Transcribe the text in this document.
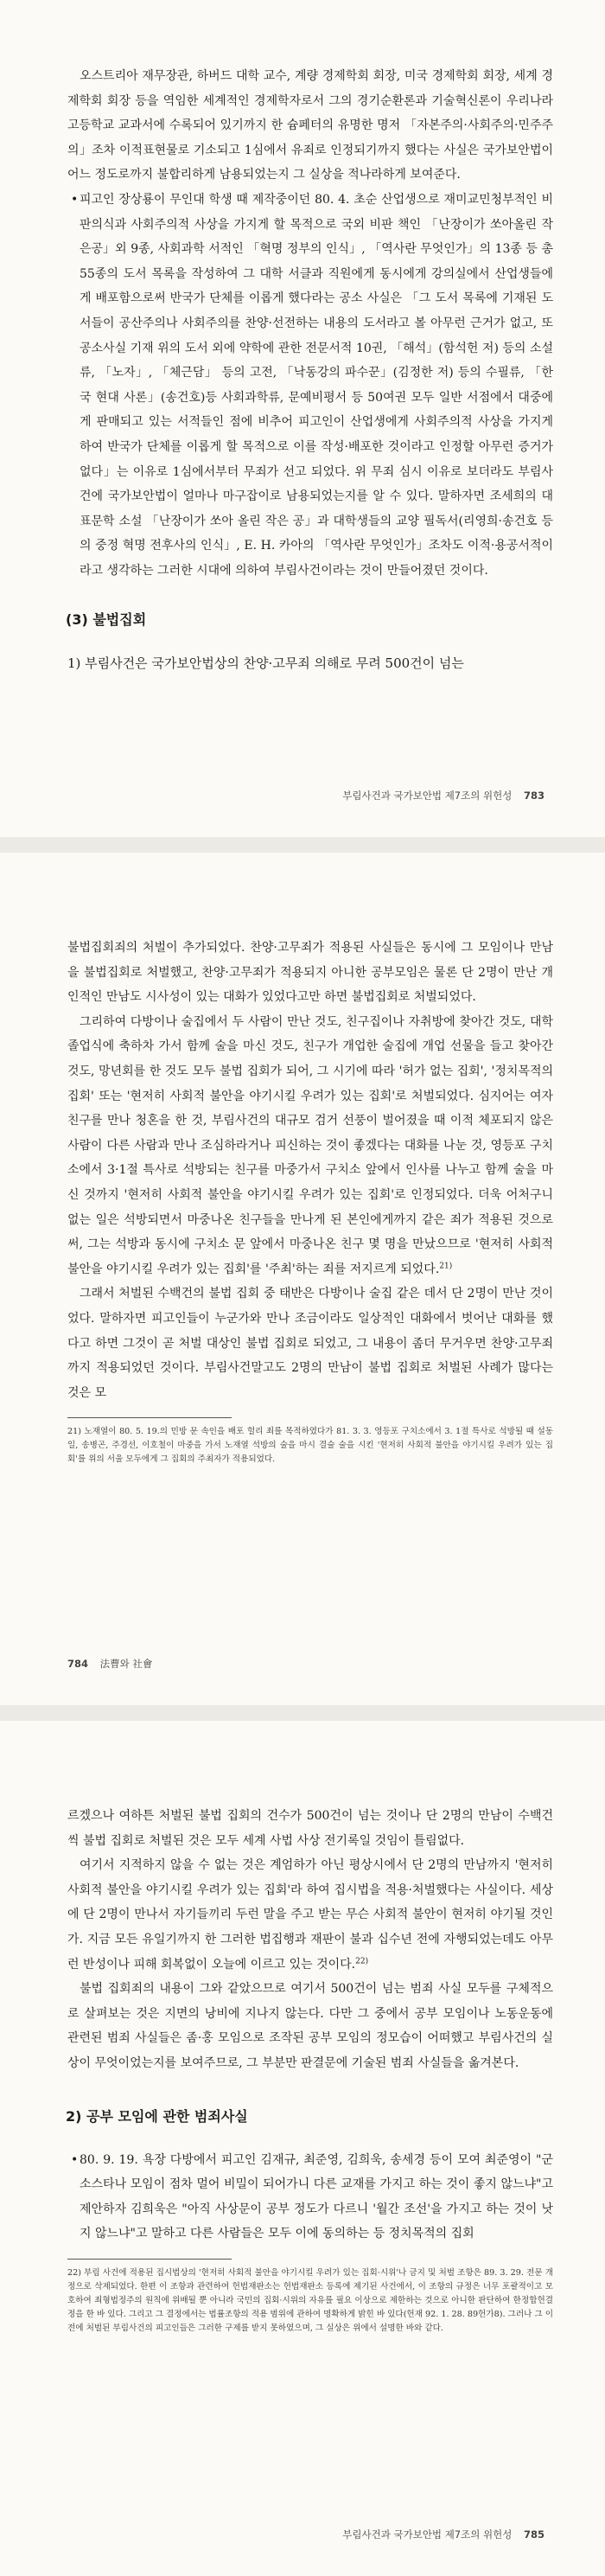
오스트리아 재무장관, 하버드 대학 교수, 계량 경제학회 회장, 미국 경제학회 회장, 세계 경제학회 회장 등을 역임한 세계적인 경제학자로서 그의 경기순환론과 기술혁신론이 우리나라 고등학교 교과서에 수록되어 있기까지 한 슘페터의 유명한 명저 「자본주의·사회주의·민주주의」조차 이적표현물로 기소되고 1심에서 유죄로 인정되기까지 했다는 사실은 국가보안법이 어느 정도로까지 불합리하게 남용되었는지 그 실상을 적나라하게 보여준다.

• 피고인 장상룡이 무인대 학생 때 제작중이던 80. 4. 초순 산업생으로 재미교민청부적인 비판의식과 사회주의적 사상을 가지게 할 목적으로 국외 비판 책인 「난장이가 쏘아올린 작은공」외 9종, 사회과학 서적인 「혁명 정부의 인식」, 「역사란 무엇인가」의 13종 등 총 55종의 도서 목록을 작성하여 그 대학 서클과 직원에게 동시에게 강의실에서 산업생들에게 배포함으로써 반국가 단체를 이롭게 했다라는 공소 사실은 「그 도서 목록에 기재된 도서들이 공산주의나 사회주의를 찬양·선전하는 내용의 도서라고 볼 아무런 근거가 없고, 또 공소사실 기재 위의 도서 외에 약학에 관한 전문서적 10권, 「해석」(함석헌 저) 등의 소설류, 「노자」, 「체근담」 등의 고전, 「낙동강의 파수꾼」(김정한 저) 등의 수필류, 「한국 현대 사론」(송건호)등 사회과학류, 문예비평서 등 50여권 모두 일반 서점에서 대중에게 판매되고 있는 서적들인 점에 비추어 피고인이 산업생에게 사회주의적 사상을 가지게 하여 반국가 단체를 이롭게 할 목적으로 이를 작성·배포한 것이라고 인정할 아무런 증거가 없다」는 이유로 1심에서부터 무죄가 선고 되었다. 위 무죄 심시 이유로 보더라도 부림사건에 국가보안법이 얼마나 마구잡이로 남용되었는지를 알 수 있다. 말하자면 조세희의 대표문학 소설 「난장이가 쏘아 올린 작은 공」과 대학생들의 교양 필독서(리영희·송건호 등의 중정 혁명 전후사의 인식」, E. H. 카아의 「역사란 무엇인가」조차도 이적·용공서적이라고 생각하는 그러한 시대에 의하여 부림사건이라는 것이 만들어졌던 것이다.

(3) 불법집회

1) 부림사건은 국가보안법상의 찬양·고무죄 의해로 무려 500건이 넘는

부림사건과 국가보안법 제7조의 위헌성 783

불법집회죄의 처벌이 추가되었다. 찬양·고무죄가 적용된 사실들은 동시에 그 모임이나 만남을 불법집회로 처벌했고, 찬양·고무죄가 적용되지 아니한 공부모임은 물론 단 2명이 만난 개인적인 만남도 시사성이 있는 대화가 있었다고만 하면 불법집회로 처벌되었다.

그리하여 다방이나 술집에서 두 사람이 만난 것도, 친구집이나 자취방에 찾아간 것도, 대학 졸업식에 축하차 가서 함께 술을 마신 것도, 친구가 개업한 술집에 개업 선물을 들고 찾아간 것도, 망년회를 한 것도 모두 불법 집회가 되어, 그 시기에 따라 '허가 없는 집회', '정치목적의 집회' 또는 '현저히 사회적 불안을 야기시킬 우려가 있는 집회'로 처벌되었다. 심지어는 여자 친구를 만나 청혼을 한 것, 부림사건의 대규모 검거 선풍이 벌어졌을 때 이적 체포되지 않은 사람이 다른 사람과 만나 조심하라거나 피신하는 것이 좋겠다는 대화를 나눈 것, 영등포 구치소에서 3·1절 특사로 석방되는 친구를 마중가서 구치소 앞에서 인사를 나누고 함께 술을 마신 것까지 '현저히 사회적 불안을 야기시킬 우려가 있는 집회'로 인정되었다. 더욱 어처구니 없는 일은 석방되면서 마중나온 친구들을 만나게 된 본인에게까지 같은 죄가 적용된 것으로써, 그는 석방과 동시에 구치소 문 앞에서 마중나온 친구 몇 명을 만났으므로 '현저히 사회적 불안을 야기시킬 우려가 있는 집회'를 '주최'하는 죄를 저지르게 되었다.$^{21)}$

그래서 처벌된 수백건의 불법 집회 중 태반은 다방이나 술집 같은 데서 단 2명이 만난 것이었다. 말하자면 피고인들이 누군가와 만나 조금이라도 일상적인 대화에서 벗어난 대화를 했다고 하면 그것이 곧 처벌 대상인 불법 집회로 되었고, 그 내용이 좀더 무거우면 찬양·고무죄까지 적용되었던 것이다. 부림사건말고도 2명의 만남이 불법 집회로 처벌된 사례가 많다는 것은 모

21) 노재열이 80. 5. 19.의 민방 문 속인을 배포 헐리 죄를 목적하였다가 81. 3. 3. 영등포 구치소에서 3. 1절 특사로 석방될 때 설동일, 송병곤, 주경선, 이호철이 마중을 가서 노재열 석방의 술을 마시 결술 술을 시킨 '현저히 사회적 불안을 야기시킬 우려가 있는 집회'를 위의 서울 모두에게 그 집회의 주최자가 적용되었다.

784 法曹와 社會

르겠으나 여하튼 처벌된 불법 집회의 건수가 500건이 넘는 것이나 단 2명의 만남이 수백건씩 불법 집회로 처벌된 것은 모두 세계 사법 사상 전기록일 것임이 틀림없다.

여기서 지적하지 않을 수 없는 것은 계엄하가 아닌 평상시에서 단 2명의 만남까지 '현저히 사회적 불안을 야기시킬 우려가 있는 집회'라 하여 집시법을 적용·처벌했다는 사실이다. 세상에 단 2명이 만나서 자기들끼리 두런 말을 주고 받는 무슨 사회적 불안이 현저히 야기될 것인가. 지금 모든 유일기까지 한 그러한 법집행과 재판이 불과 십수년 전에 자행되었는데도 아무런 반성이나 피해 회복없이 오늘에 이르고 있는 것이다.$^{22)}$

불법 집회죄의 내용이 그와 같았으므로 여기서 500건이 넘는 범죄 사실 모두를 구체적으로 살펴보는 것은 지면의 낭비에 지나지 않는다. 다만 그 중에서 공부 모임이나 노동운동에 관련된 범죄 사실들은 좀·홍 모임으로 조작된 공부 모임의 정모습이 어떠했고 부림사건의 실상이 무엇이었는지를 보여주므로, 그 부분만 판결문에 기술된 범죄 사실들을 옮겨본다.

2) 공부 모임에 관한 범죄사실

• 80. 9. 19. 욕장 다방에서 피고인 김재규, 최준영, 김희욱, 송세경 등이 모여 최준영이 "군소스타나 모임이 점차 멀어 비밀이 되어가니 다른 교재를 가지고 하는 것이 좋지 않느냐"고 제안하자 김희욱은 "아직 사상문이 공부 정도가 다르니 '월간 조선'을 가지고 하는 것이 낫지 않느냐"고 말하고 다른 사람들은 모두 이에 동의하는 등 정치목적의 집회

22) 부림 사건에 적용된 집시법상의 '현저히 사회적 불안을 야기시킬 우려가 있는 집회·시위'나 금지 및 처벌 조항은 89. 3. 29. 전문 개정으로 삭제되었다. 한편 이 조항과 관련하여 헌법재판소는 헌법재판소 등록에 제기된 사건에서, 이 조항의 규정은 너무 포괄적이고 모호하여 죄형법정주의 원칙에 위배될 뿐 아니라 국민의 집회·시위의 자유를 필요 이상으로 제한하는 것으로 아니한 판단하여 한정합헌결정을 한 바 있다. 그리고 그 결정에서는 법률조항의 적용 범위에 관하여 명확하게 밝힌 바 있다(헌재 92. 1. 28. 89헌가8). 그러나 그 이전에 처벌된 부림사건의 피고인들은 그러한 구제를 받지 못하였으며, 그 실상은 위에서 설명한 바와 같다.

부림사건과 국가보안법 제7조의 위헌성 785
